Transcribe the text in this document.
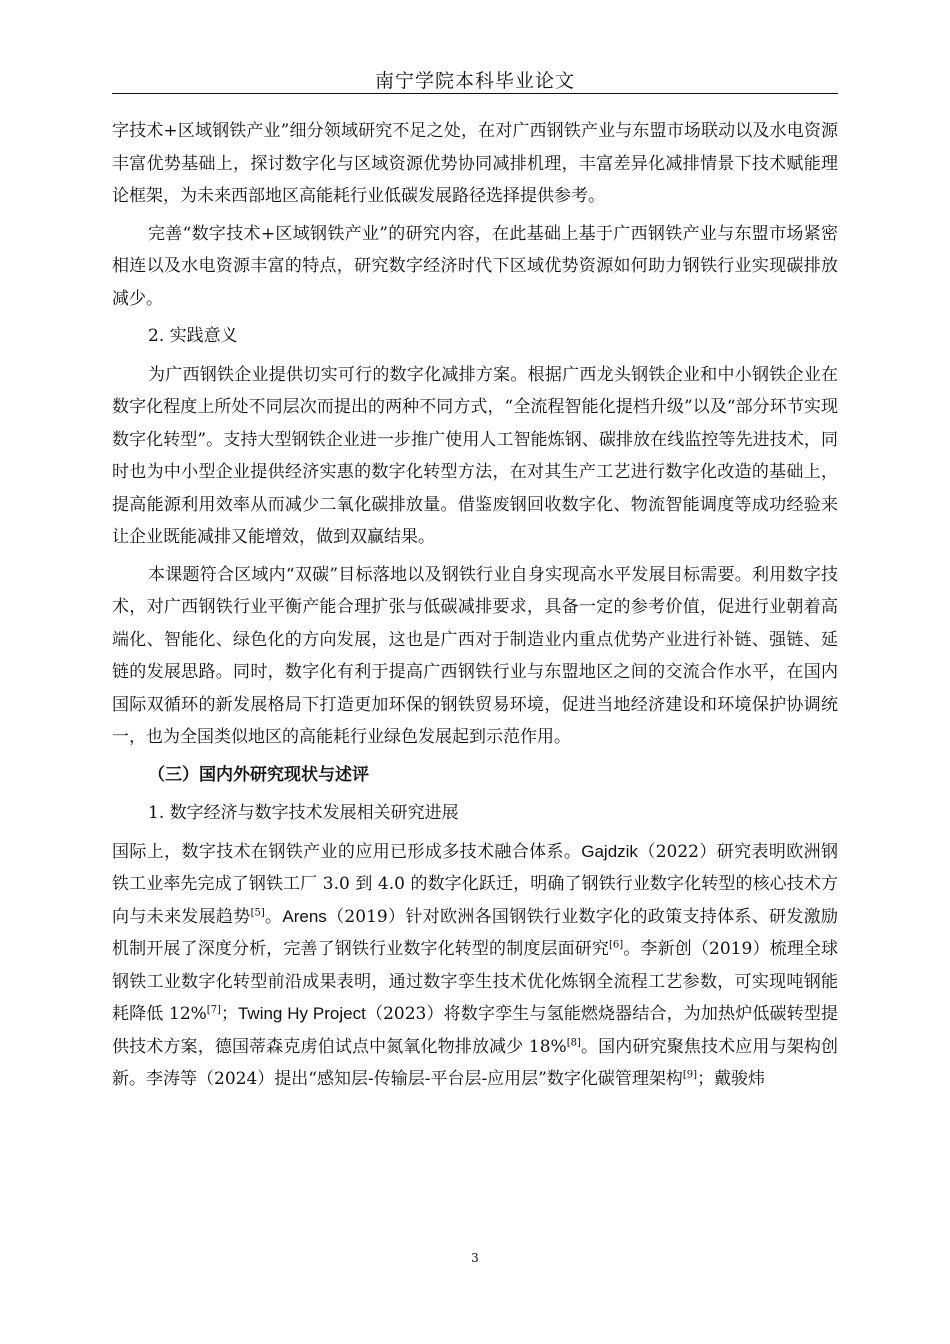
南宁学院本科毕业论文

字技术+区域钢铁产业”细分领域研究不足之处，在对广西钢铁产业与东盟市场联动以及水电资源丰富优势基础上，探讨数字化与区域资源优势协同减排机理，丰富差异化减排情景下技术赋能理论框架，为未来西部地区高能耗行业低碳发展路径选择提供参考。

完善“数字技术+区域钢铁产业”的研究内容，在此基础上基于广西钢铁产业与东盟市场紧密相连以及水电资源丰富的特点，研究数字经济时代下区域优势资源如何助力钢铁行业实现碳排放减少。

2. 实践意义

为广西钢铁企业提供切实可行的数字化减排方案。根据广西龙头钢铁企业和中小钢铁企业在数字化程度上所处不同层次而提出的两种不同方式，“全流程智能化提档升级”以及“部分环节实现数字化转型”。支持大型钢铁企业进一步推广使用人工智能炼钢、碳排放在线监控等先进技术，同时也为中小型企业提供经济实惠的数字化转型方法，在对其生产工艺进行数字化改造的基础上，提高能源利用效率从而减少二氧化碳排放量。借鉴废钢回收数字化、物流智能调度等成功经验来让企业既能减排又能增效，做到双赢结果。

本课题符合区域内“双碳”目标落地以及钢铁行业自身实现高水平发展目标需要。利用数字技术，对广西钢铁行业平衡产能合理扩张与低碳减排要求，具备一定的参考价值，促进行业朝着高端化、智能化、绿色化的方向发展，这也是广西对于制造业内重点优势产业进行补链、强链、延链的发展思路。同时，数字化有利于提高广西钢铁行业与东盟地区之间的交流合作水平，在国内国际双循环的新发展格局下打造更加环保的钢铁贸易环境，促进当地经济建设和环境保护协调统一，也为全国类似地区的高能耗行业绿色发展起到示范作用。

（三）国内外研究现状与述评

1. 数字经济与数字技术发展相关研究进展

国际上，数字技术在钢铁产业的应用已形成多技术融合体系。Gajdzik（2022）研究表明欧洲钢铁工业率先完成了钢铁工厂 3.0 到 4.0 的数字化跃迁，明确了钢铁行业数字化转型的核心技术方向与未来发展趋势[5]。Arens（2019）针对欧洲各国钢铁行业数字化的政策支持体系、研发激励机制开展了深度分析，完善了钢铁行业数字化转型的制度层面研究[6]。李新创（2019）梳理全球钢铁工业数字化转型前沿成果表明，通过数字孪生技术优化炼钢全流程工艺参数，可实现吨钢能耗降低 12%[7]；Twing Hy Project（2023）将数字孪生与氢能燃烧器结合，为加热炉低碳转型提供技术方案，德国蒂森克虏伯试点中氮氧化物排放减少 18%[8]。国内研究聚焦技术应用与架构创新。李涛等（2024）提出“感知层-传输层-平台层-应用层”数字化碳管理架构[9]；戴骏炜

3
